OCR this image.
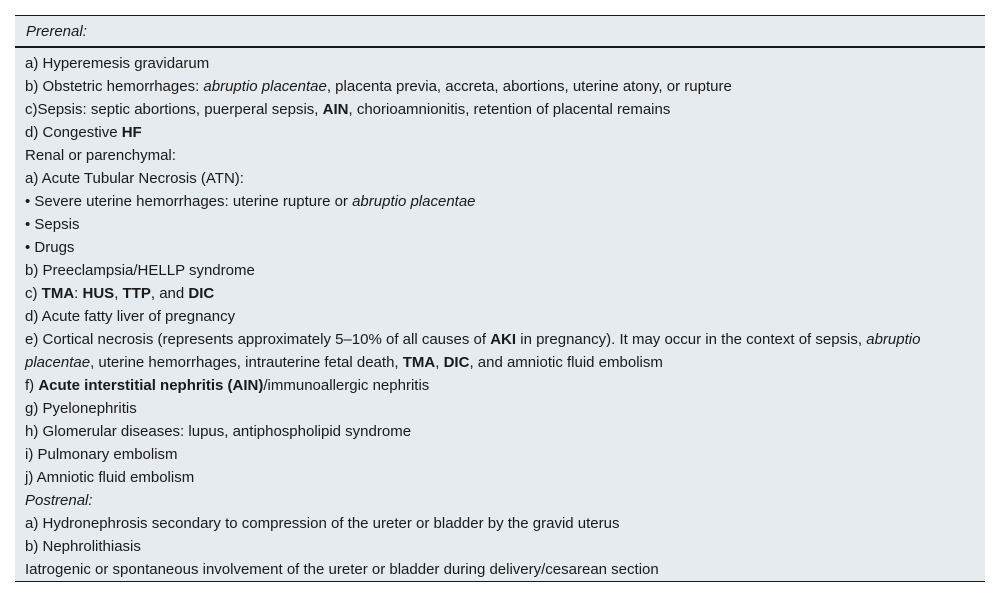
Prerenal:
a) Hyperemesis gravidarum
b) Obstetric hemorrhages: abruptio placentae, placenta previa, accreta, abortions, uterine atony, or rupture
c)Sepsis: septic abortions, puerperal sepsis, AIN, chorioamnionitis, retention of placental remains
d) Congestive HF
Renal or parenchymal:
a) Acute Tubular Necrosis (ATN):
• Severe uterine hemorrhages: uterine rupture or abruptio placentae
• Sepsis
• Drugs
b) Preeclampsia/HELLP syndrome
c) TMA: HUS, TTP, and DIC
d) Acute fatty liver of pregnancy
e) Cortical necrosis (represents approximately 5–10% of all causes of AKI in pregnancy). It may occur in the context of sepsis, abruptio placentae, uterine hemorrhages, intrauterine fetal death, TMA, DIC, and amniotic fluid embolism
f) Acute interstitial nephritis (AIN)/immunoallergic nephritis
g) Pyelonephritis
h) Glomerular diseases: lupus, antiphospholipid syndrome
i) Pulmonary embolism
j) Amniotic fluid embolism
Postrenal:
a) Hydronephrosis secondary to compression of the ureter or bladder by the gravid uterus
b) Nephrolithiasis
Iatrogenic or spontaneous involvement of the ureter or bladder during delivery/cesarean section
